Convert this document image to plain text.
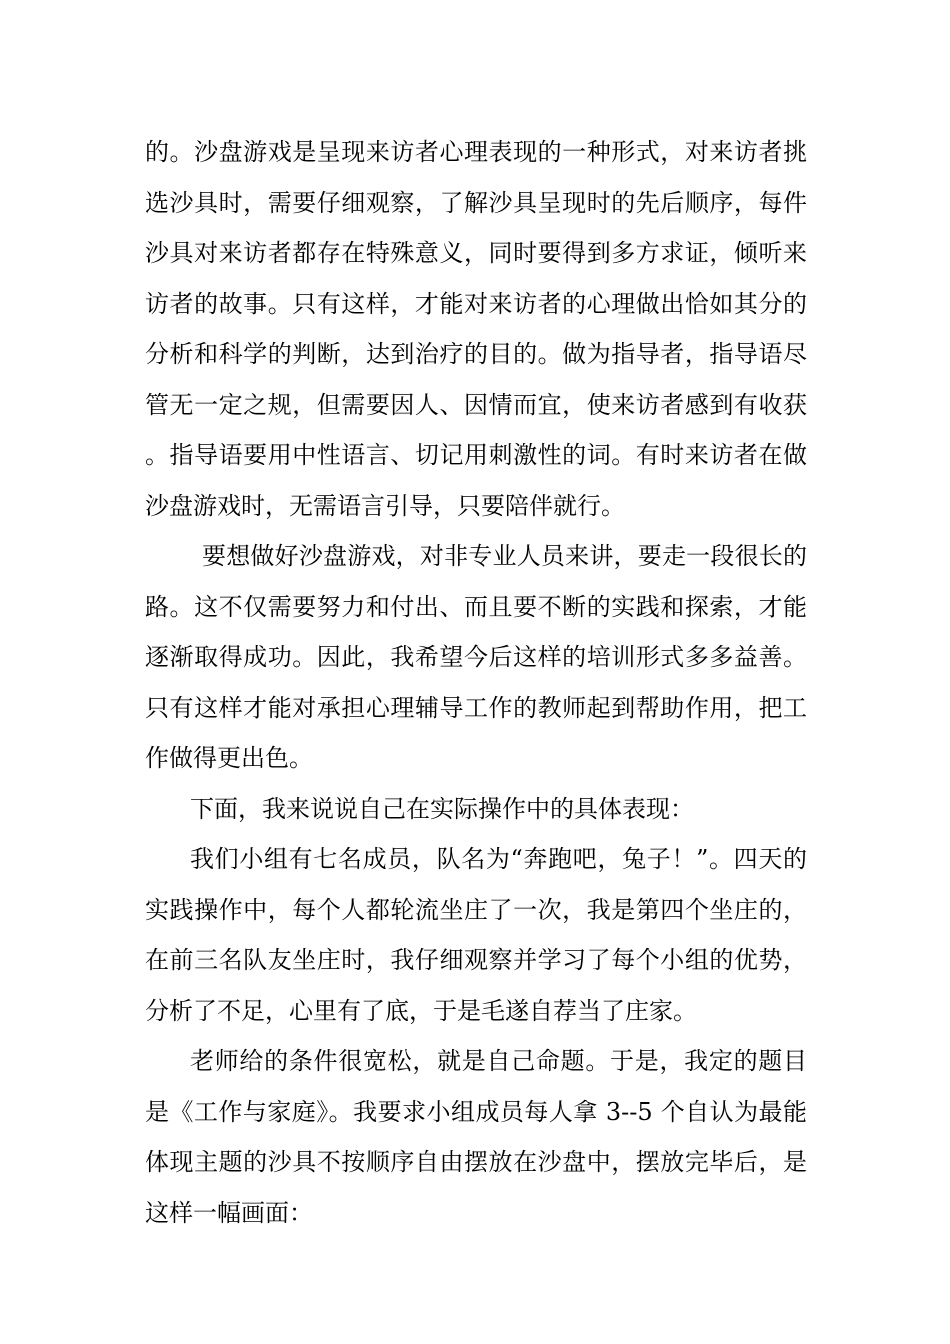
的。沙盘游戏是呈现来访者心理表现的一种形式，对来访者挑选沙具时，需要仔细观察，了解沙具呈现时的先后顺序，每件沙具对来访者都存在特殊意义，同时要得到多方求证，倾听来访者的故事。只有这样，才能对来访者的心理做出恰如其分的分析和科学的判断，达到治疗的目的。做为指导者，指导语尽管无一定之规，但需要因人、因情而宜，使来访者感到有收获。指导语要用中性语言、切记用刺激性的词。有时来访者在做沙盘游戏时，无需语言引导，只要陪伴就行。

要想做好沙盘游戏，对非专业人员来讲，要走一段很长的路。这不仅需要努力和付出、而且要不断的实践和探索，才能逐渐取得成功。因此，我希望今后这样的培训形式多多益善。只有这样才能对承担心理辅导工作的教师起到帮助作用，把工作做得更出色。

下面，我来说说自己在实际操作中的具体表现：

我们小组有七名成员，队名为“奔跑吧，兔子！”。四天的实践操作中，每个人都轮流坐庄了一次，我是第四个坐庄的，在前三名队友坐庄时，我仔细观察并学习了每个小组的优势，分析了不足，心里有了底，于是毛遂自荐当了庄家。

老师给的条件很宽松，就是自己命题。于是，我定的题目是《工作与家庭》。我要求小组成员每人拿 3--5 个自认为最能体现主题的沙具不按顺序自由摆放在沙盘中，摆放完毕后，是这样一幅画面：
